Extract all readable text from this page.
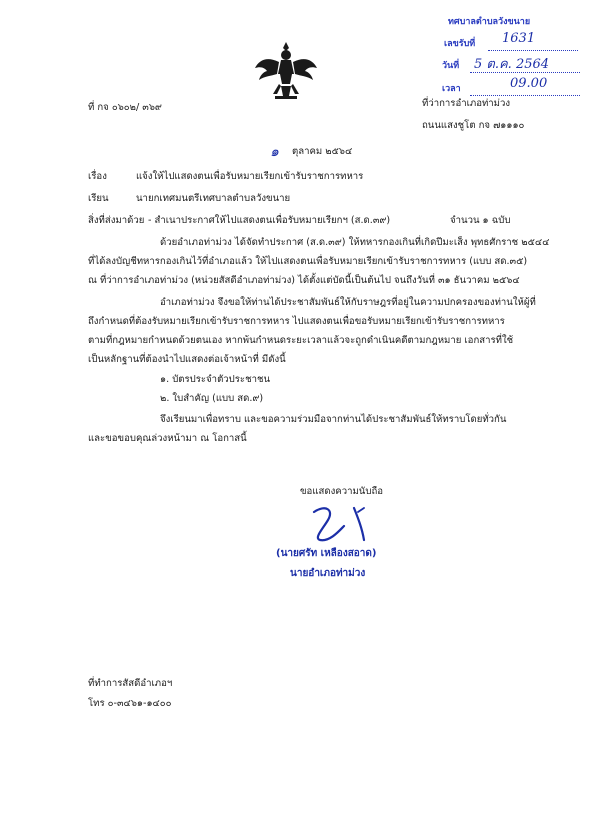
ทศบาลตำบลวังขนาย
เลขรับที่ 1631
วันที่ 5 ต.ค. 2564
เวลา	09.00
ที่ กจ ๐๖๐๒/ ๓๖๙	ที่ว่าการอำเภอท่าม่วง
ถนนแสงชูโต กจ ๗๑๑๑๐
๑ ตุลาคม ๒๕๖๔
เรื่อง	แจ้งให้ไปแสดงตนเพื่อรับหมายเรียกเข้ารับราชการทหาร
เรียน	นายกเทศมนตรีเทศบาลตำบลวังขนาย
สิ่งที่ส่งมาด้วย - สำเนาประกาศให้ไปแสดงตนเพื่อรับหมายเรียกฯ (ส.ด.๓๙)	จำนวน ๑ ฉบับ
ด้วยอำเภอท่าม่วง ได้จัดทำประกาศ (ส.ด.๓๙) ให้ทหารกองเกินที่เกิดปีมะเส็ง พุทธศักราช ๒๕๔๔
ที่ได้ลงบัญชีทหารกองเกินไว้ที่อำเภอแล้ว ให้ไปแสดงตนเพื่อรับหมายเรียกเข้ารับราชการทหาร (แบบ สด.๓๕)
ณ ที่ว่าการอำเภอท่าม่วง (หน่วยสัสดีอำเภอท่าม่วง) ได้ตั้งแต่บัดนี้เป็นต้นไป จนถึงวันที่ ๓๑ ธันวาคม ๒๕๖๔
อำเภอท่าม่วง จึงขอให้ท่านได้ประชาสัมพันธ์ให้กับราษฎรที่อยู่ในความปกครองของท่านให้ผู้ที่
ถึงกำหนดที่ต้องรับหมายเรียกเข้ารับราชการทหาร ไปแสดงตนเพื่อขอรับหมายเรียกเข้ารับราชการทหาร
ตามที่กฎหมายกำหนดด้วยตนเอง หากพ้นกำหนดระยะเวลาแล้วจะถูกดำเนินคดีตามกฎหมาย เอกสารที่ใช้
เป็นหลักฐานที่ต้องนำไปแสดงต่อเจ้าหน้าที่ มีดังนี้
๑. บัตรประจำตัวประชาชน
๒. ใบสำคัญ (แบบ สด.๙)
จึงเรียนมาเพื่อทราบ และขอความร่วมมือจากท่านได้ประชาสัมพันธ์ให้ทราบโดยทั่วกัน
และขอขอบคุณล่วงหน้ามา ณ โอกาสนี้
ขอแสดงความนับถือ
(นายศรัท เหลืองสอาด)
นายอำเภอท่าม่วง
ที่ทำการสัสดีอำเภอฯ
โทร ๐-๓๔๖๑-๑๔๐๐
